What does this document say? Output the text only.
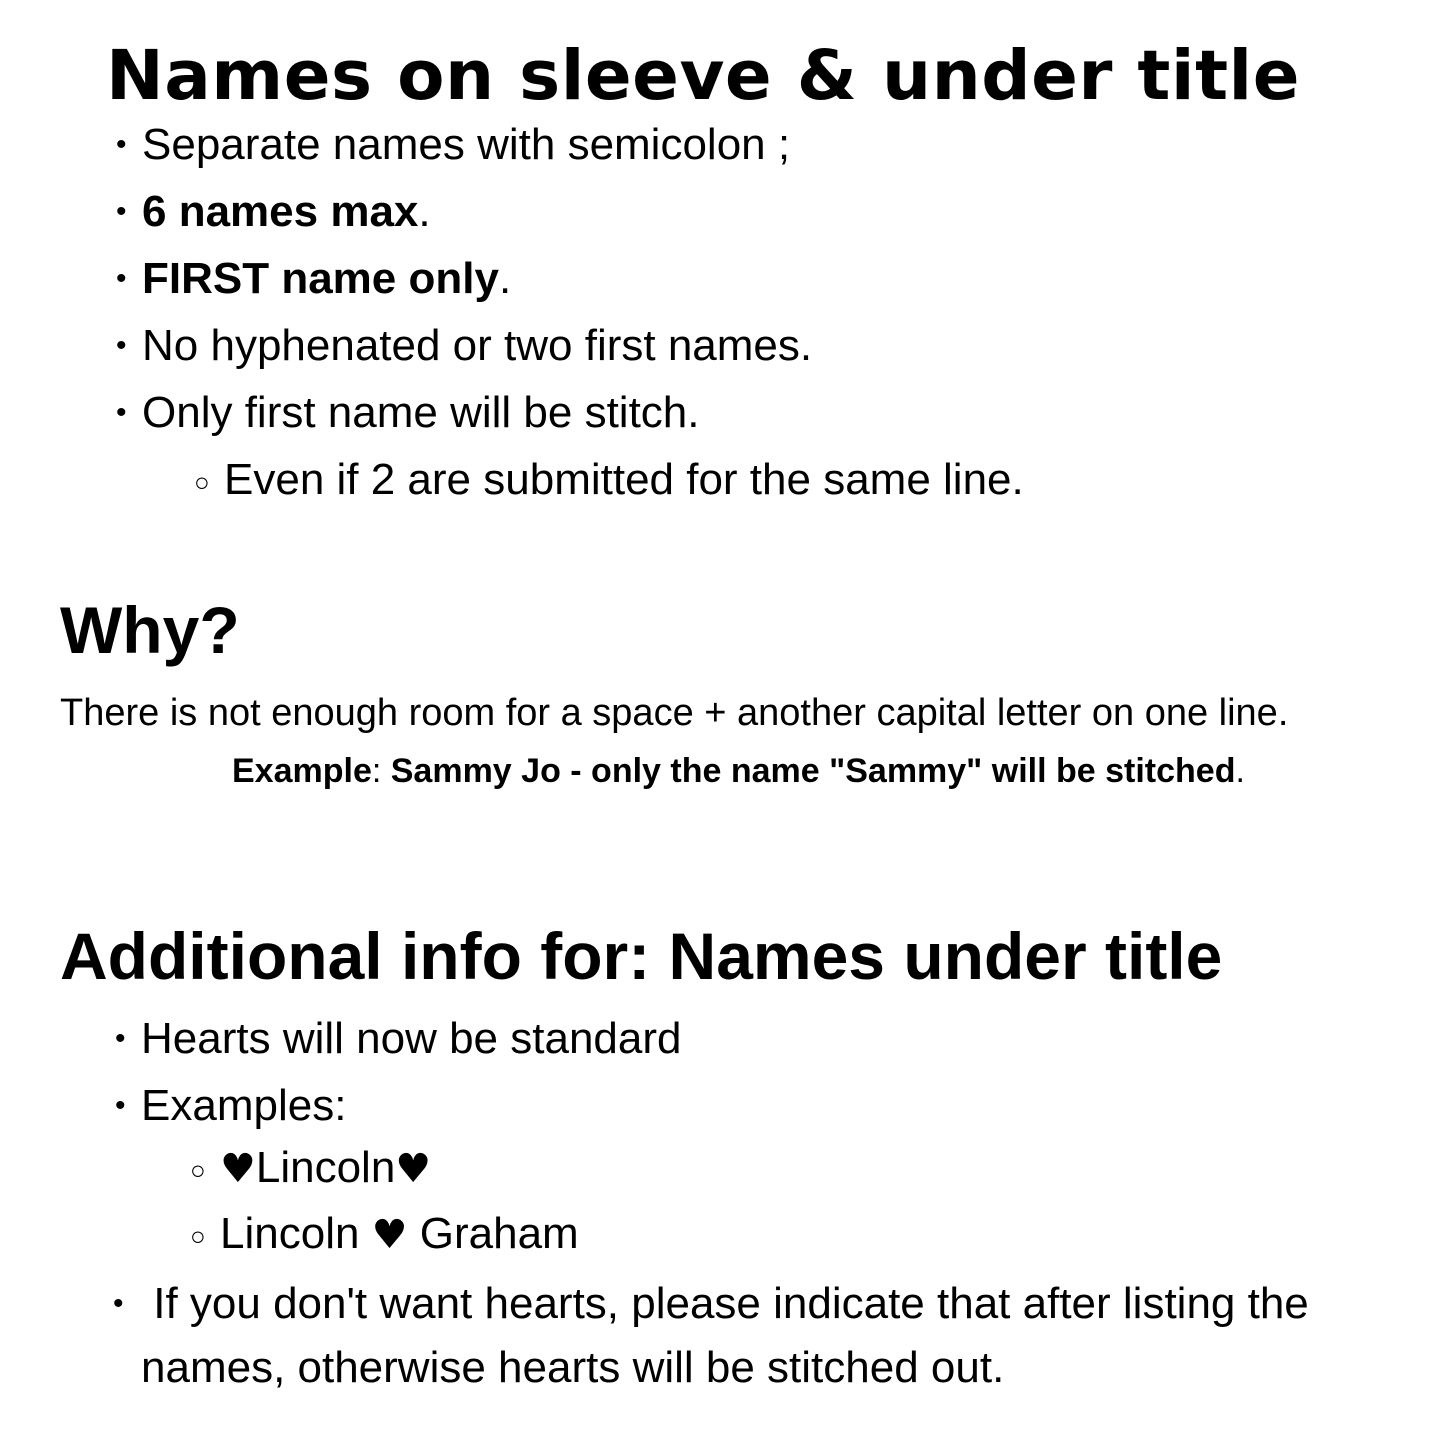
Names on sleeve & under title
• Separate names with semicolon ;
• 6 names max.
• FIRST name only.
• No hyphenated or two first names.
• Only first name will be stitch.
○ Even if 2 are submitted for the same line.
Why?
There is not enough room for a space + another capital letter on one line.
Example: Sammy Jo - only the name "Sammy" will be stitched.
Additional info for: Names under title
• Hearts will now be standard
• Examples:
○ ♥Lincoln♥
○ Lincoln ♥ Graham
• If you don't want hearts, please indicate that after listing the names, otherwise hearts will be stitched out.
